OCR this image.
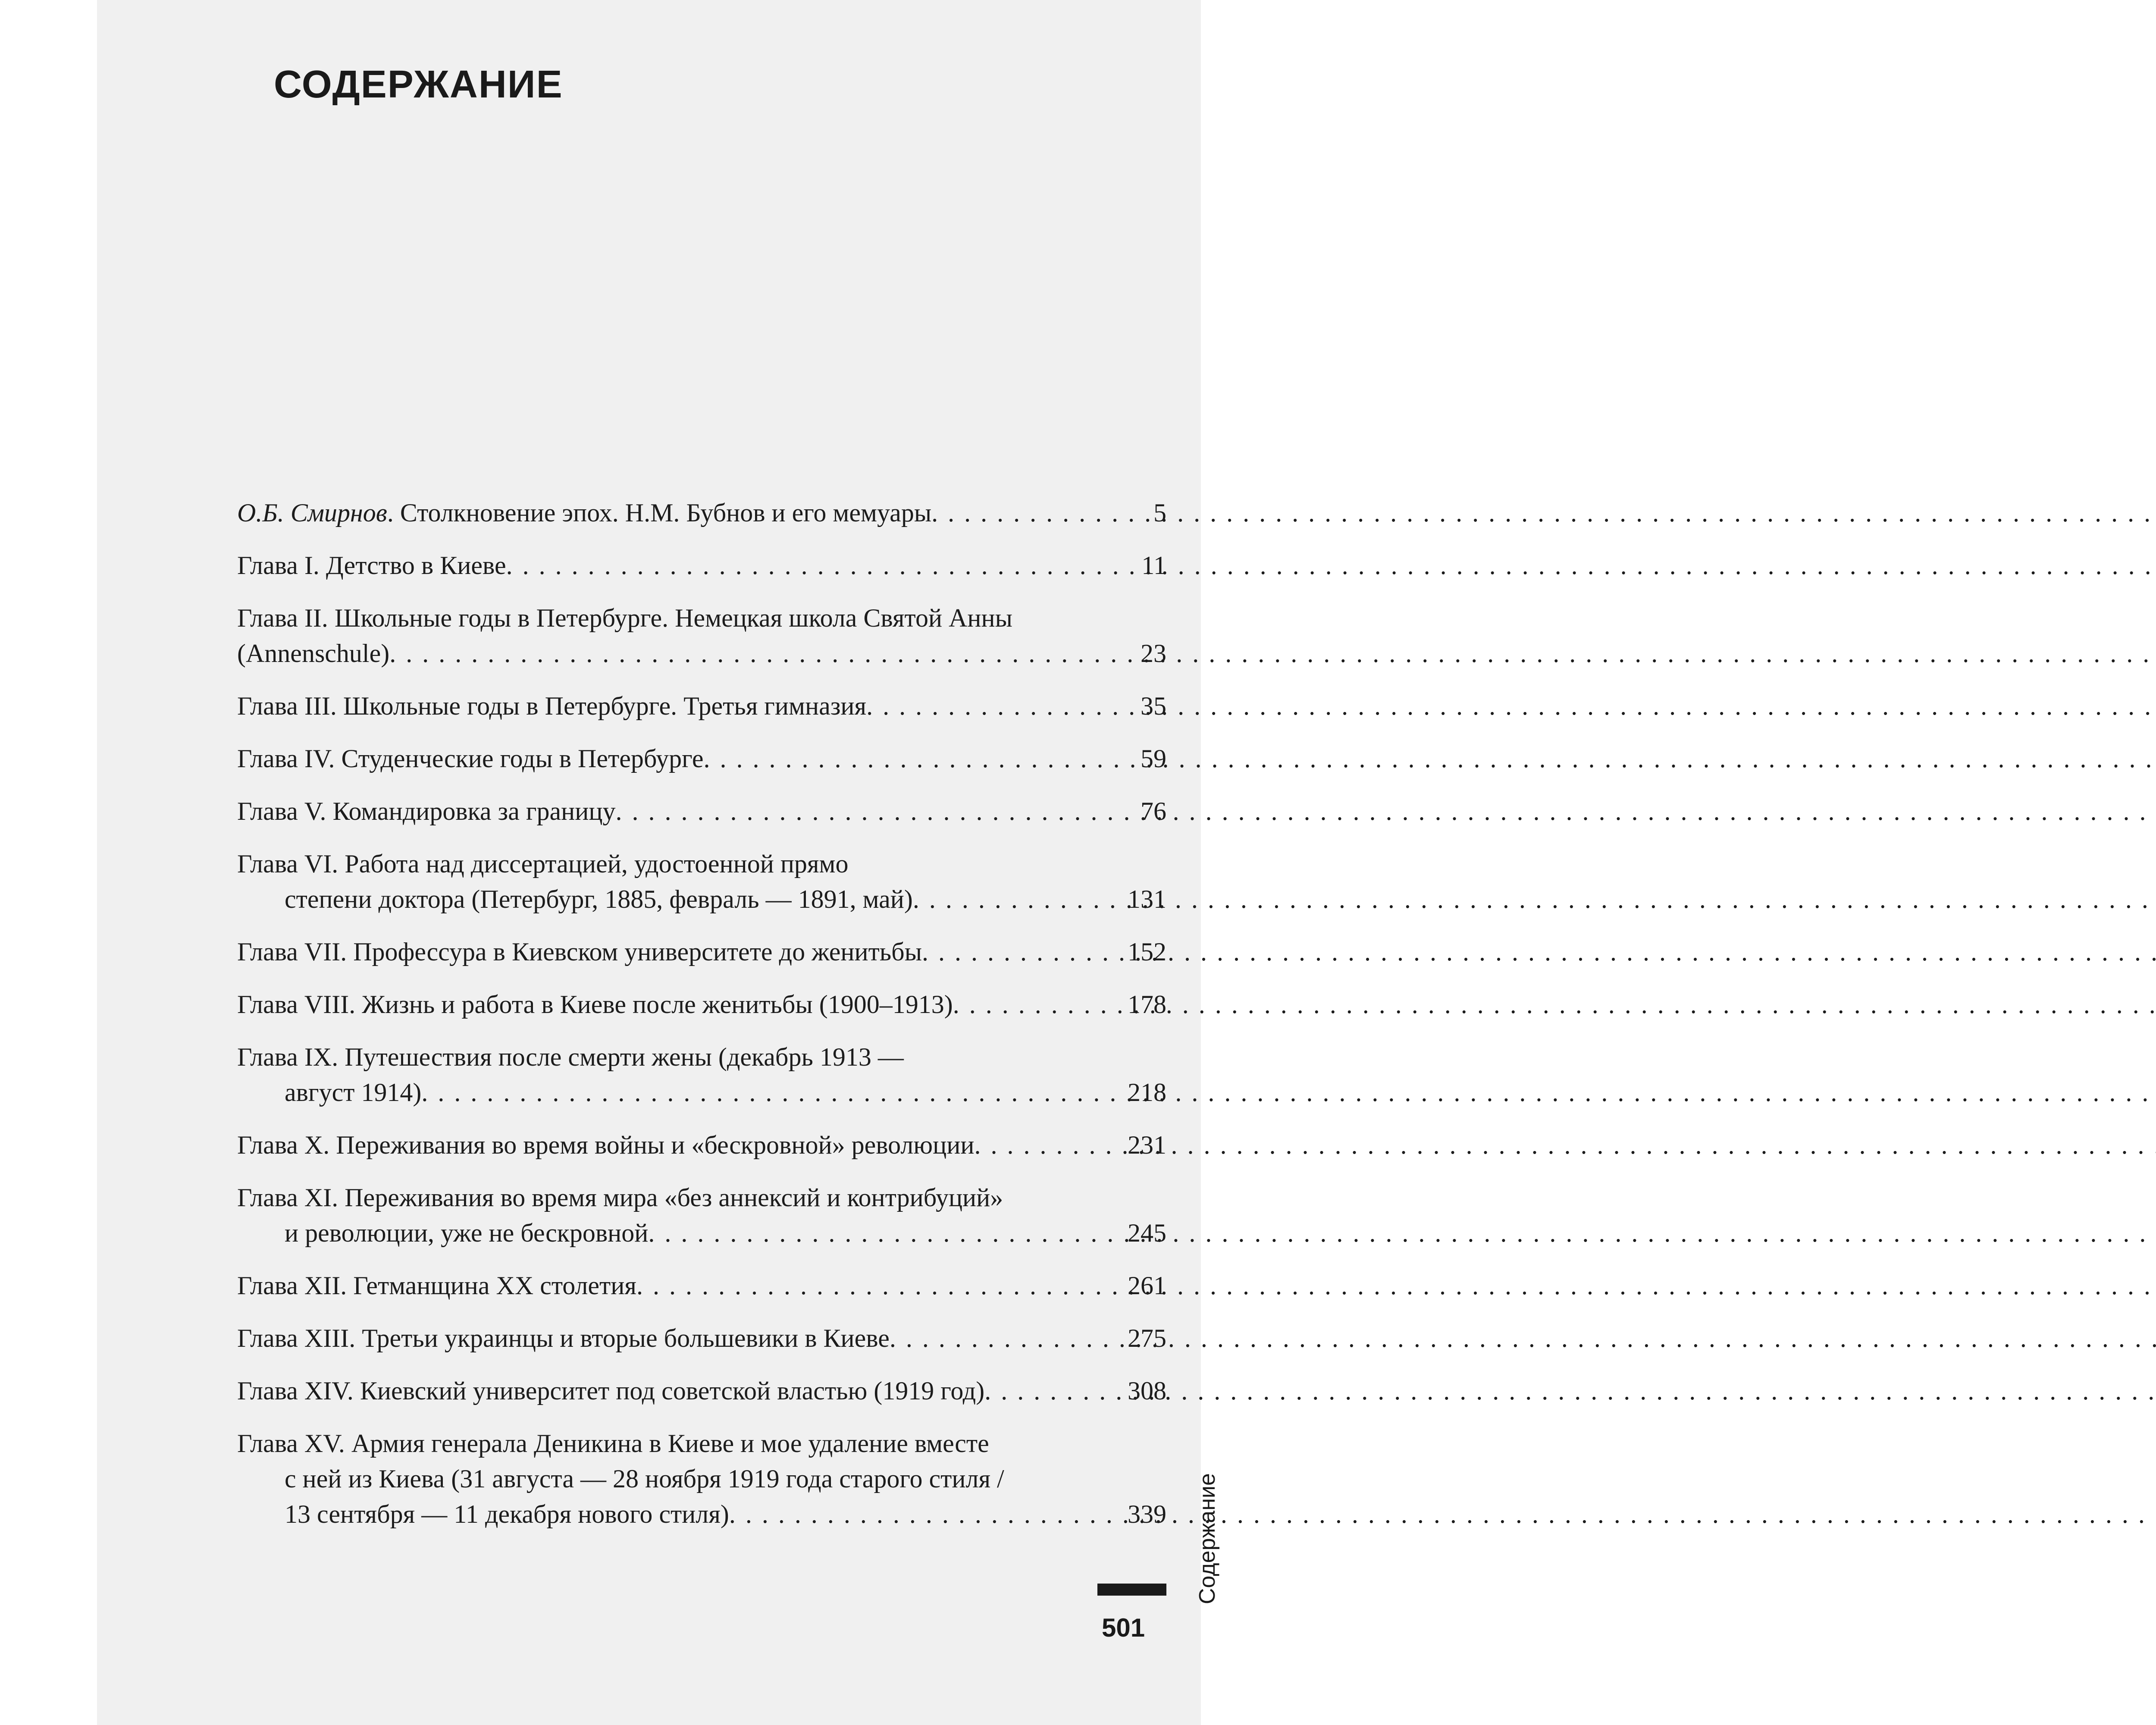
СОДЕРЖАНИЕ
О.Б. Смирнов. Столкновение эпох. Н.М. Бубнов и его мемуары . . .	5
Глава I. Детство в Киеве . . .	11
Глава II. Школьные годы в Петербурге. Немецкая школа Святой Анны
(Annenschule) . . .	23
Глава III. Школьные годы в Петербурге. Третья гимназия . . .	35
Глава IV. Студенческие годы в Петербурге . . .	59
Глава V. Командировка за границу . . .	76
Глава VI. Работа над диссертацией, удостоенной прямо
степени доктора (Петербург, 1885, февраль — 1891, май) . . .	131
Глава VII. Профессура в Киевском университете до женитьбы . . .	152
Глава VIII. Жизнь и работа в Киеве после женитьбы (1900–1913) . . .	178
Глава IX. Путешествия после смерти жены (декабрь 1913 —
август 1914) . . .	218
Глава X. Переживания во время войны и «бескровной» революции . . .	231
Глава XI. Переживания во время мира «без аннексий и контрибуций»
и революции, уже не бескровной . . .	245
Глава XII. Гетманщина XX столетия . . .	261
Глава XIII. Третьи украинцы и вторые большевики в Киеве . . .	275
Глава XIV. Киевский университет под советской властью (1919 год) . . .	308
Глава XV. Армия генерала Деникина в Киеве и мое удаление вместе
с ней из Киева (31 августа — 28 ноября 1919 года старого стиля /
13 сентября — 11 декабря нового стиля) . . .	339 Содержание
501
